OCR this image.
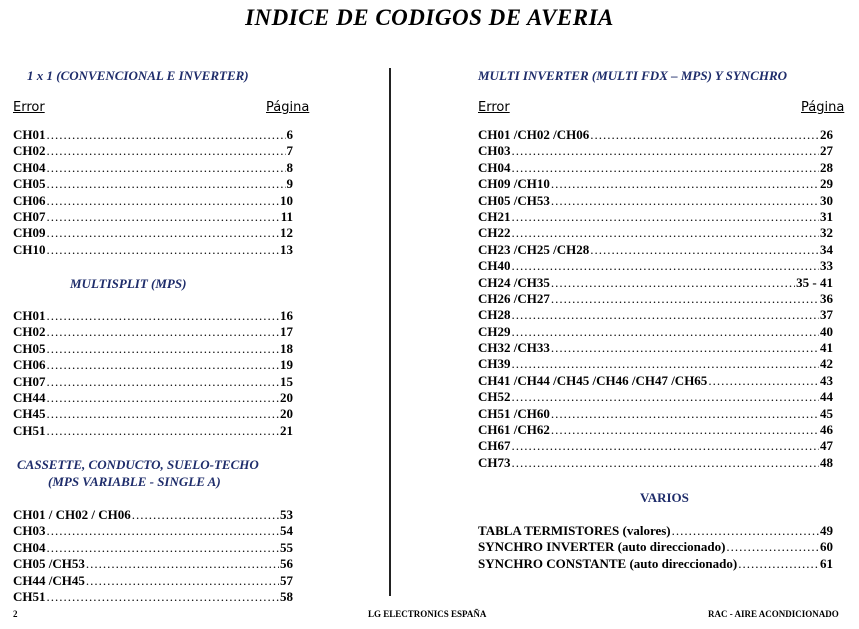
INDICE DE CODIGOS DE AVERIA
1 x 1 (CONVENCIONAL E INVERTER)
Error	Página
CH01 .....	6
CH02 .....	7
CH04 .....	8
CH05 .....	9
CH06 .....	10
CH07 .....	11
CH09 .....	12
CH10 .....	13
MULTISPLIT (MPS)
CH01 .....	16
CH02 .....	17
CH05 .....	18
CH06 .....	19
CH07 .....	15
CH44 .....	20
CH45 .....	20
CH51 .....	21
CASSETTE, CONDUCTO, SUELO-TECHO
(MPS VARIABLE - SINGLE A)
CH01 / CH02 / CH06 .....	53
CH03 .....	54
CH04 .....	55
CH05 /CH53 .....	56
CH44 /CH45 .....	57
CH51 .....	58
MULTI INVERTER (MULTI FDX – MPS) Y SYNCHRO
Error	Página
CH01 /CH02 /CH06 .....	26
CH03 .....	27
CH04 .....	28
CH09 /CH10 .....	29
CH05 /CH53 .....	30
CH21 .....	31
CH22 .....	32
CH23 /CH25 /CH28 .....	34
CH40 .....	33
CH24 /CH35 .....	35 - 41
CH26 /CH27 .....	36
CH28 .....	37
CH29 .....	40
CH32 /CH33 .....	41
CH39 .....	42
CH41 /CH44 /CH45 /CH46 /CH47 /CH65 .....	43
CH52 .....	44
CH51 /CH60 .....	45
CH61 /CH62 .....	46
CH67 .....	47
CH73 .....	48
VARIOS
TABLA TERMISTORES (valores) .....	49
SYNCHRO INVERTER (auto direccionado) .....	60
SYNCHRO CONSTANTE (auto direccionado) .....	61
2	LG ELECTRONICS ESPAÑA	RAC - AIRE ACONDICIONADO
